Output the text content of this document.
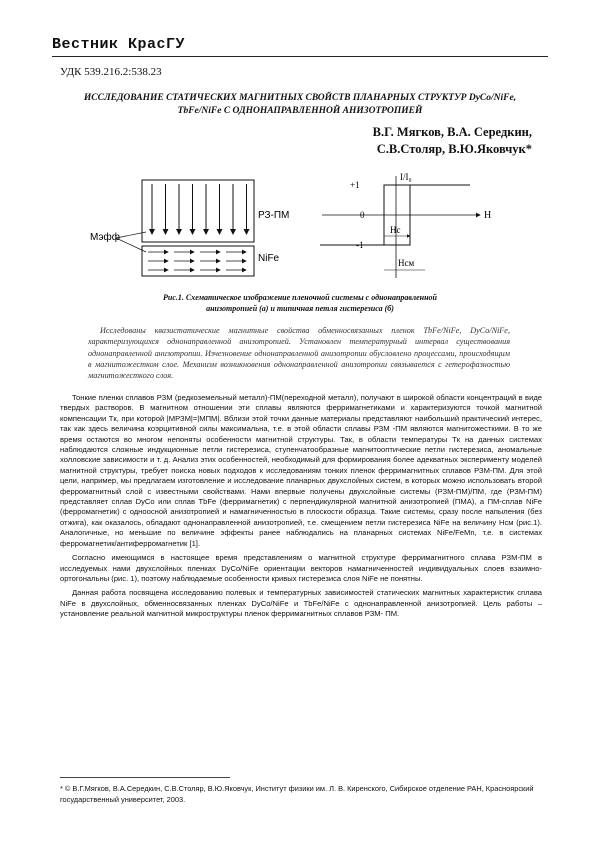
Вестник КрасГУ
УДК 539.216.2:538.23
ИССЛЕДОВАНИЕ СТАТИЧЕСКИХ МАГНИТНЫХ СВОЙСТВ ПЛАНАРНЫХ СТРУКТУР DyCo/NiFe,
TbFe/NiFe С ОДНОНАПРАВЛЕННОЙ АНИЗОТРОПИЕЙ
В.Г. Мягков, В.А. Середкин,
С.В.Столяр, В.Ю.Яковчук*
РЗ-ПМ
NiFe
Мэфф
+1
0
-1
I/I₀
H
Hc
Hсм
Рис.1. Схематическое изображение пленочной системы с однонаправленной
анизотропией (а) и типичная петля гистерезиса (б)
Исследованы квазистатические магнитные свойства обменносвязанных пленок TbFe/NiFe, DyCo/NiFe, характеризующихся однонаправленной анизотропией. Установлен температурный интервал существования однонаправленной анизотропии. Изчезновение однонаправленной анизотропии обусловлено процессами, происходящим в магнитожестком слое. Механизм возникновения однонаправленной анизотропии связывается с гетерофазностью магнитожесткого слоя.

Тонкие пленки сплавов РЗМ (редкоземельный металл)-ПМ(переходной металл), получают в широкой области концентраций в виде твердых растворов. В магнитном отношении эти сплавы являются ферримагнетиками и характеризуются точкой магнитной компенсации Tк, при которой |MРЗМ|=|MПМ|. Вблизи этой точки данные материалы представляют наибольший практический интерес, так как здесь величина коэрцитивной силы максимальна, т.е. в этой области сплавы РЗМ -ПМ являются магнитожесткими. В то же время остаются во многом непоняты особенности магнитной структуры. Так, в области температуры Tк на данных системах наблюдаются сложные индукционные петли гистерезиса, ступенчатообразные магнитооптические петли гистерезиса, аномальные холловские зависимости и т. д. Анализ этих особенностей, необходимый для формирования более адекватных эксперименту моделей магнитной структуры, требует поиска новых подходов к исследованиям тонких пленок ферримагнитных сплавов РЗМ-ПМ. Для этой цели, например, мы предлагаем изготовление и исследование планарных двухслойных систем, в которых можно использовать второй ферромагнитный слой с известными свойствами. Нами впервые получены двухслойные системы (РЗМ-ПМ)/ПМ, где (РЗМ-ПМ) представляет сплав DyCo или сплав TbFe (ферримагнетик) с перпендикулярной магнитной анизотропией (ПМА), а ПМ-сплав NiFe (ферромагнетик) с одноосной анизотропией и намагниченностью в плоскости образца. Такие системы, сразу после напыления (без отжига), как оказалось, обладают однонаправленной анизотропией, т.е. смещением петли гистерезиса NiFe на величину Hсм (рис.1). Аналогичные, но меньшие по величине эффекты ранее наблюдались на планарных системах NiFe/FeMn, т.е. в системах ферромагнетик/антиферромагнетик [1].

Согласно имеющимся в настоящее время представлениям о магнитной структуре ферримагнитного сплава РЗМ-ПМ в исследуемых нами двухслойных пленках DyCo/NiFe ориентации векторов намагниченностей индивидуальных слоев взаимно-ортогональны (рис. 1), поэтому наблюдаемые особенности кривых гистерезиса слоя NiFe не понятны.

Данная работа посвящена исследованию полевых и температурных зависимостей статических магнитных характеристик сплава NiFe в двухслойных, обменносвязанных пленках DyCo/NiFe и TbFe/NiFe с однонаправленной анизотропией. Цель работы – установление реальной магнитной микроструктуры пленок ферримагнитных сплавов РЗМ- ПМ.

* © В.Г.Мягков, В.А.Середкин, С.В.Столяр, В.Ю.Яковчук, Институт физики им. Л. В. Киренского, Сибирское отделение РАН, Красноярский государственный университет, 2003.
